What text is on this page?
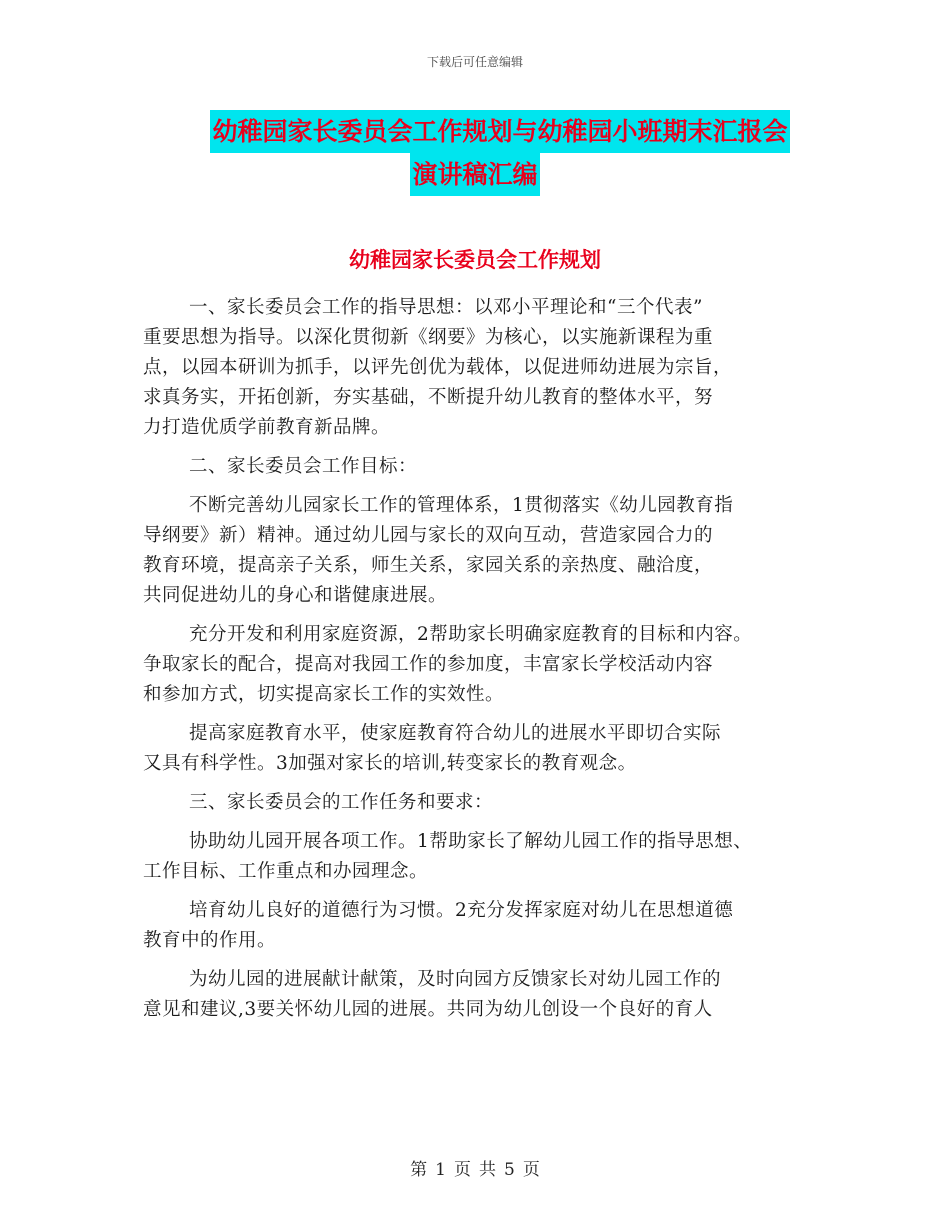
下载后可任意编辑
幼稚园家长委员会工作规划与幼稚园小班期末汇报会
演讲稿汇编
幼稚园家长委员会工作规划
一、家长委员会工作的指导思想：以邓小平理论和“三个代表”
重要思想为指导。以深化贯彻新《纲要》为核心，以实施新课程为重
点，以园本研训为抓手，以评先创优为载体，以促进师幼进展为宗旨，
求真务实，开拓创新，夯实基础，不断提升幼儿教育的整体水平，努
力打造优质学前教育新品牌。
二、家长委员会工作目标：
不断完善幼儿园家长工作的管理体系，1贯彻落实《幼儿园教育指
导纲要》新）精神。通过幼儿园与家长的双向互动，营造家园合力的
教育环境，提高亲子关系，师生关系，家园关系的亲热度、融洽度，
共同促进幼儿的身心和谐健康进展。
充分开发和利用家庭资源，2帮助家长明确家庭教育的目标和内容。
争取家长的配合，提高对我园工作的参加度，丰富家长学校活动内容
和参加方式，切实提高家长工作的实效性。
提高家庭教育水平，使家庭教育符合幼儿的进展水平即切合实际
又具有科学性。3加强对家长的培训,转变家长的教育观念。
三、家长委员会的工作任务和要求：
协助幼儿园开展各项工作。1帮助家长了解幼儿园工作的指导思想、
工作目标、工作重点和办园理念。
培育幼儿良好的道德行为习惯。2充分发挥家庭对幼儿在思想道德
教育中的作用。
为幼儿园的进展献计献策，及时向园方反馈家长对幼儿园工作的
意见和建议,3要关怀幼儿园的进展。共同为幼儿创设一个良好的育人
第 1 页 共 5 页
